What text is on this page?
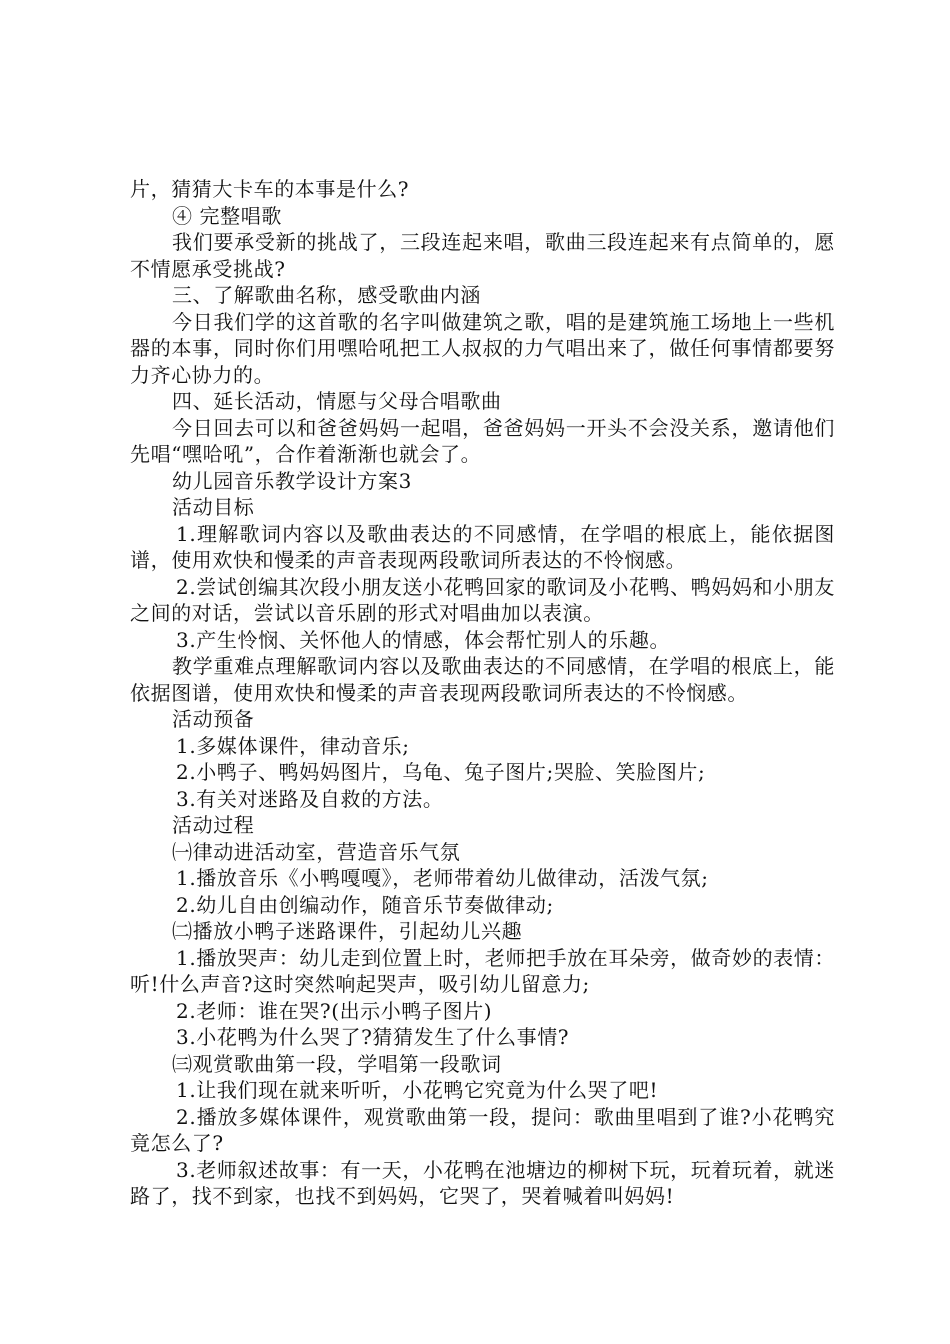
片，猜猜大卡车的本事是什么?

④ 完整唱歌

我们要承受新的挑战了，三段连起来唱，歌曲三段连起来有点简单的，愿不情愿承受挑战?

三、了解歌曲名称，感受歌曲内涵

今日我们学的这首歌的名字叫做建筑之歌，唱的是建筑施工场地上一些机器的本事，同时你们用嘿哈吼把工人叔叔的力气唱出来了，做任何事情都要努力齐心协力的。

四、延长活动，情愿与父母合唱歌曲

今日回去可以和爸爸妈妈一起唱，爸爸妈妈一开头不会没关系，邀请他们先唱“嘿哈吼”，合作着渐渐也就会了。

幼儿园音乐教学设计方案3

活动目标

1.理解歌词内容以及歌曲表达的不同感情，在学唱的根底上，能依据图谱，使用欢快和慢柔的声音表现两段歌词所表达的不怜悯感。

2.尝试创编其次段小朋友送小花鸭回家的歌词及小花鸭、鸭妈妈和小朋友之间的对话，尝试以音乐剧的形式对唱曲加以表演。

3.产生怜悯、关怀他人的情感，体会帮忙别人的乐趣。

教学重难点理解歌词内容以及歌曲表达的不同感情，在学唱的根底上，能依据图谱，使用欢快和慢柔的声音表现两段歌词所表达的不怜悯感。

活动预备

1.多媒体课件，律动音乐;

2.小鸭子、鸭妈妈图片，乌龟、兔子图片;哭脸、笑脸图片;

3.有关对迷路及自救的方法。

活动过程

㈠律动进活动室，营造音乐气氛

1.播放音乐《小鸭嘎嘎》，老师带着幼儿做律动，活泼气氛;

2.幼儿自由创编动作，随音乐节奏做律动;

㈡播放小鸭子迷路课件，引起幼儿兴趣

1.播放哭声：幼儿走到位置上时，老师把手放在耳朵旁，做奇妙的表情：听!什么声音?这时突然响起哭声，吸引幼儿留意力;

2.老师：谁在哭?(出示小鸭子图片)

3.小花鸭为什么哭了?猜猜发生了什么事情?

㈢观赏歌曲第一段，学唱第一段歌词

1.让我们现在就来听听，小花鸭它究竟为什么哭了吧!

2.播放多媒体课件，观赏歌曲第一段，提问：歌曲里唱到了谁?小花鸭究竟怎么了?

3.老师叙述故事：有一天，小花鸭在池塘边的柳树下玩，玩着玩着，就迷路了，找不到家，也找不到妈妈，它哭了，哭着喊着叫妈妈!
